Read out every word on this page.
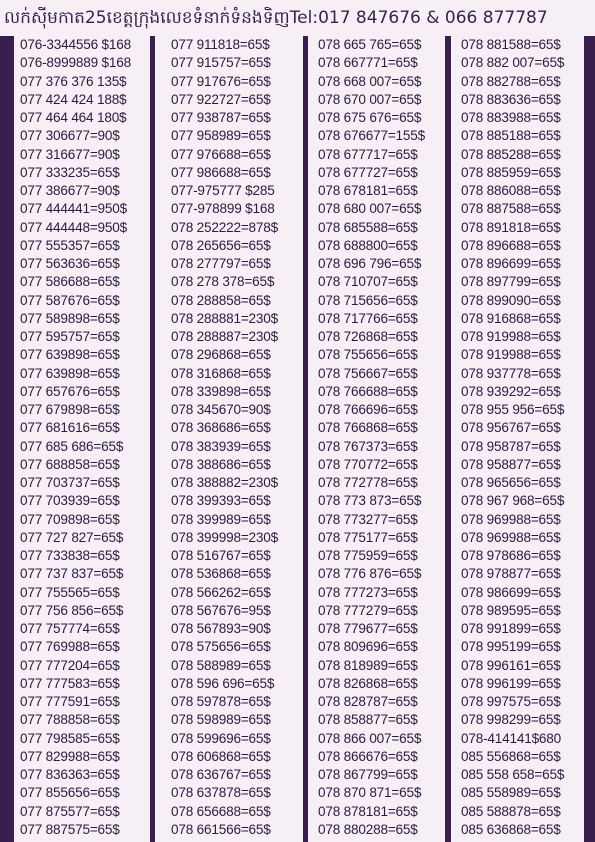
លក់ស៊ីមកាត25ខេត្តក្រុងលេខទំនាក់ទំនងទិញTel:017 847676 & 066 877787
076-3344556 $168
076-8999889 $168
077 376 376 135$
077 424 424 188$
077 464 464 180$
077 306677=90$
077 316677=90$
077 333235=65$
077 386677=90$
077 444441=950$
077 444448=950$
077 555357=65$
077 563636=65$
077 586688=65$
077 587676=65$
077 589898=65$
077 595757=65$
077 639898=65$
077 639898=65$
077 657676=65$
077 679898=65$
077 681616=65$
077 685 686=65$
077 688858=65$
077 703737=65$
077 703939=65$
077 709898=65$
077 727 827=65$
077 733838=65$
077 737 837=65$
077 755565=65$
077 756 856=65$
077 757774=65$
077 769988=65$
077 777204=65$
077 777583=65$
077 777591=65$
077 788858=65$
077 798585=65$
077 829988=65$
077 836363=65$
077 855656=65$
077 875577=65$
077 887575=65$
077 911818=65$
077 915757=65$
077 917676=65$
077 922727=65$
077 938787=65$
077 958989=65$
077 976688=65$
077 986688=65$
077-975777 $285
077-978899 $168
078 252222=878$
078 265656=65$
078 277797=65$
078 278 378=65$
078 288858=65$
078 288881=230$
078 288887=230$
078 296868=65$
078 316868=65$
078 339898=65$
078 345670=90$
078 368686=65$
078 383939=65$
078 388686=65$
078 388882=230$
078 399393=65$
078 399989=65$
078 399998=230$
078 516767=65$
078 536868=65$
078 566262=65$
078 567676=95$
078 567893=90$
078 575656=65$
078 588989=65$
078 596 696=65$
078 597878=65$
078 598989=65$
078 599696=65$
078 606868=65$
078 636767=65$
078 637878=65$
078 656688=65$
078 661566=65$
078 665 765=65$
078 667771=65$
078 668 007=65$
078 670 007=65$
078 675 676=65$
078 676677=155$
078 677717=65$
078 677727=65$
078 678181=65$
078 680 007=65$
078 685588=65$
078 688800=65$
078 696 796=65$
078 710707=65$
078 715656=65$
078 717766=65$
078 726868=65$
078 755656=65$
078 756667=65$
078 766688=65$
078 766696=65$
078 766868=65$
078 767373=65$
078 770772=65$
078 772778=65$
078 773 873=65$
078 773277=65$
078 775177=65$
078 775959=65$
078 776 876=65$
078 777273=65$
078 777279=65$
078 779677=65$
078 809696=65$
078 818989=65$
078 826868=65$
078 828787=65$
078 858877=65$
078 866 007=65$
078 866676=65$
078 867799=65$
078 870 871=65$
078 878181=65$
078 880288=65$
078 881588=65$
078 882 007=65$
078 882788=65$
078 883636=65$
078 883988=65$
078 885188=65$
078 885288=65$
078 885959=65$
078 886088=65$
078 887588=65$
078 891818=65$
078 896688=65$
078 896699=65$
078 897799=65$
078 899090=65$
078 916868=65$
078 919988=65$
078 919988=65$
078 937778=65$
078 939292=65$
078 955 956=65$
078 956767=65$
078 958787=65$
078 958877=65$
078 965656=65$
078 967 968=65$
078 969988=65$
078 969988=65$
078 978686=65$
078 978877=65$
078 986699=65$
078 989595=65$
078 991899=65$
078 995199=65$
078 996161=65$
078 996199=65$
078 997575=65$
078 998299=65$
078-414141$680
085 556868=65$
085 558 658=65$
085 558989=65$
085 588878=65$
085 636868=65$
